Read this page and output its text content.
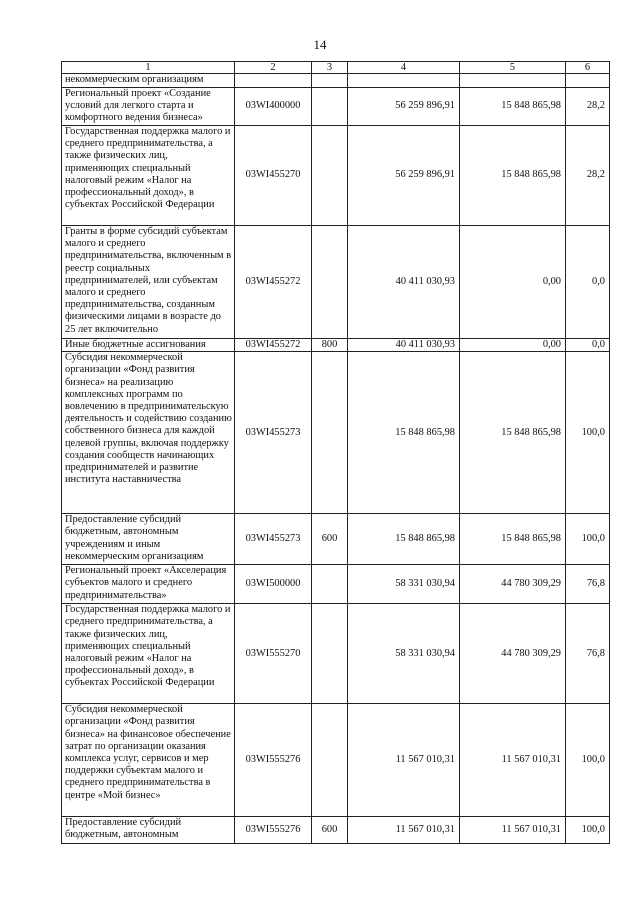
14
1	2	3	4	5	6
некоммерческим организациям					
Региональный проект «Создание условий для легкого старта и комфортного ведения бизнеса»	03WI400000		56 259 896,91	15 848 865,98	28,2
Государственная поддержка малого и среднего предпринимательства, а также физических лиц, применяющих специальный налоговый режим «Налог на профессиональный доход», в субъектах Российской Федерации	03WI455270		56 259 896,91	15 848 865,98	28,2
Гранты в форме субсидий субъектам малого и среднего предпринимательства, включенным в реестр социальных предпринимателей, или субъектам малого и среднего предпринимательства, созданным физическими лицами в возрасте до 25 лет включительно	03WI455272		40 411 030,93	0,00	0,0
Иные бюджетные ассигнования	03WI455272	800	40 411 030,93	0,00	0,0
Субсидия некоммерческой организации «Фонд развития бизнеса» на реализацию комплексных программ по вовлечению в предпринимательскую деятельность и содействию созданию собственного бизнеса для каждой целевой группы, включая поддержку создания сообществ начинающих предпринимателей и развитие института наставничества	03WI455273		15 848 865,98	15 848 865,98	100,0
Предоставление субсидий бюджетным, автономным учреждениям и иным некоммерческим организациям	03WI455273	600	15 848 865,98	15 848 865,98	100,0
Региональный проект «Акселерация субъектов малого и среднего предпринимательства»	03WI500000		58 331 030,94	44 780 309,29	76,8
Государственная поддержка малого и среднего предпринимательства, а также физических лиц, применяющих специальный налоговый режим «Налог на профессиональный доход», в субъектах Российской Федерации	03WI555270		58 331 030,94	44 780 309,29	76,8
Субсидия некоммерческой организации «Фонд развития бизнеса» на финансовое обеспечение затрат по организации оказания комплекса услуг, сервисов и мер поддержки субъектам малого и среднего предпринимательства в центре «Мой бизнес»	03WI555276		11 567 010,31	11 567 010,31	100,0
Предоставление субсидий бюджетным, автономным	03WI555276	600	11 567 010,31	11 567 010,31	100,0
